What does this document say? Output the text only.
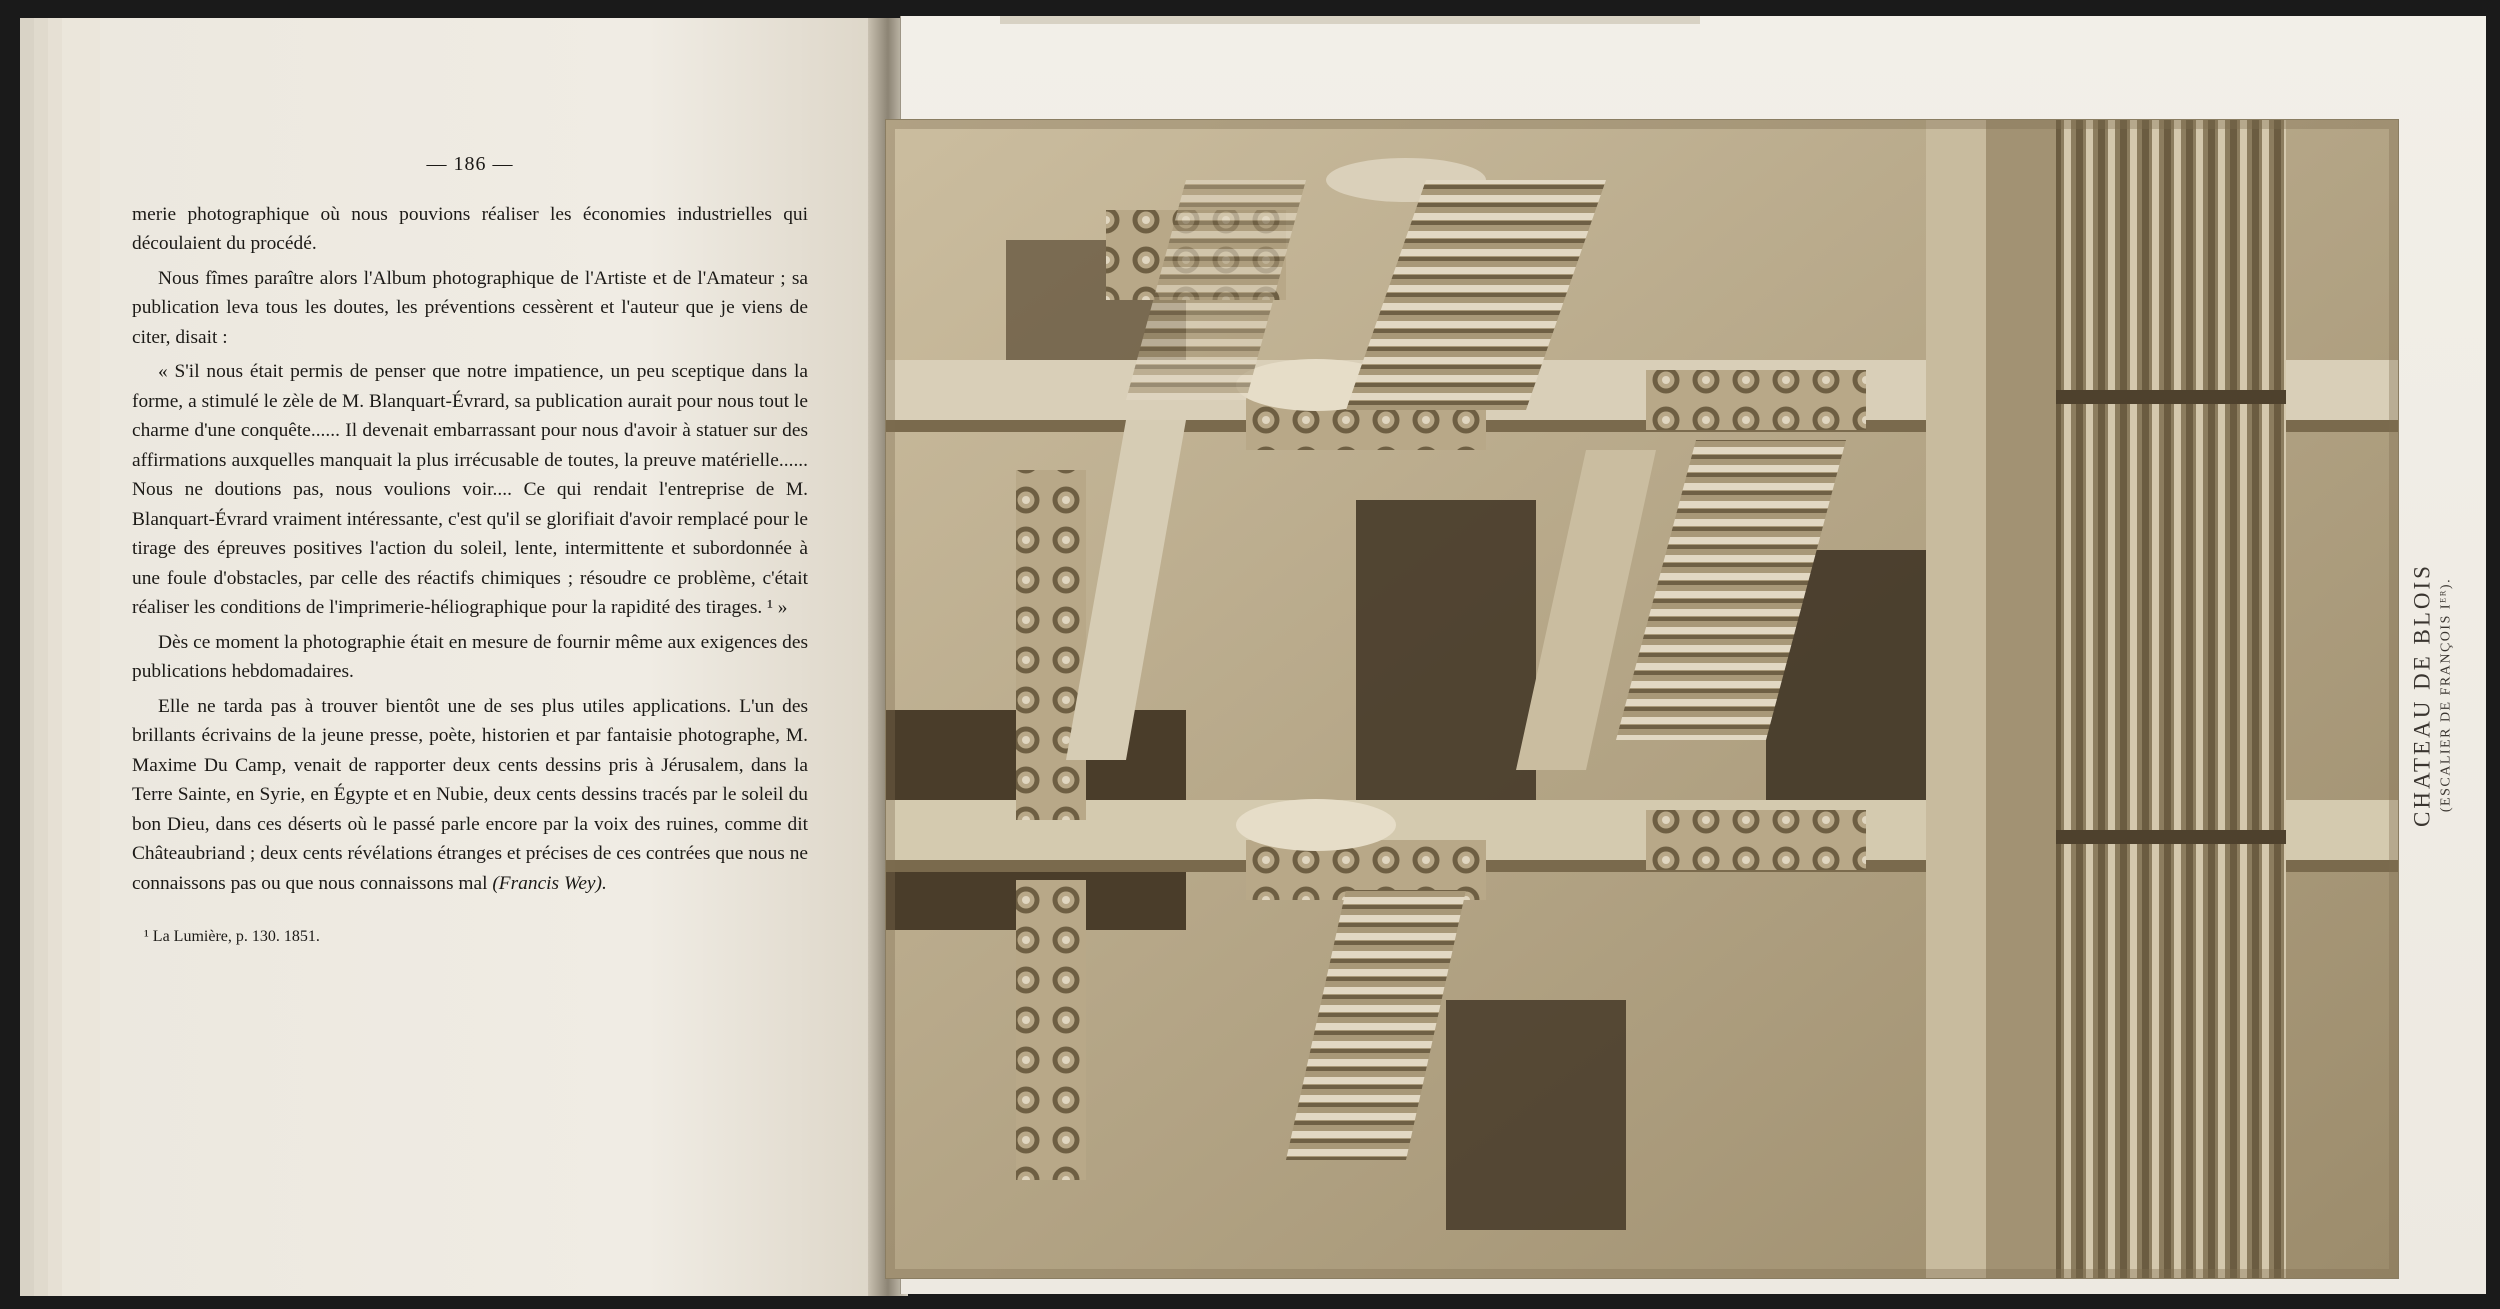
— 186 —

merie photographique où nous pouvions réaliser les économies industrielles qui découlaient du procédé.

Nous fîmes paraître alors l'Album photographique de l'Artiste et de l'Amateur ; sa publication leva tous les doutes, les préventions cessèrent et l'auteur que je viens de citer, disait :

« S'il nous était permis de penser que notre impatience, un peu sceptique dans la forme, a stimulé le zèle de M. Blanquart-Évrard, sa publication aurait pour nous tout le charme d'une conquête...... Il devenait embarrassant pour nous d'avoir à statuer sur des affirmations auxquelles manquait la plus irrécusable de toutes, la preuve matérielle...... Nous ne doutions pas, nous voulions voir.... Ce qui rendait l'entreprise de M. Blanquart-Évrard vraiment intéressante, c'est qu'il se glorifiait d'avoir remplacé pour le tirage des épreuves positives l'action du soleil, lente, intermittente et subordonnée à une foule d'obstacles, par celle des réactifs chimiques ; résoudre ce problème, c'était réaliser les conditions de l'imprimerie-héliographique pour la rapidité des tirages. ¹ »

Dès ce moment la photographie était en mesure de fournir même aux exigences des publications hebdomadaires.

Elle ne tarda pas à trouver bientôt une de ses plus utiles applications. L'un des brillants écrivains de la jeune presse, poète, historien et par fantaisie photographe, M. Maxime Du Camp, venait de rapporter deux cents dessins pris à Jérusalem, dans la Terre Sainte, en Syrie, en Égypte et en Nubie, deux cents dessins tracés par le soleil du bon Dieu, dans ces déserts où le passé parle encore par la voix des ruines, comme dit Châteaubriand ; deux cents révélations étranges et précises de ces contrées que nous ne connaissons pas ou que nous connaissons mal (Francis Wey).

¹ La Lumière, p. 130. 1851.

CHATEAU DE BLOIS (ESCALIER DE FRANÇOIS Iᴱᴿ).
